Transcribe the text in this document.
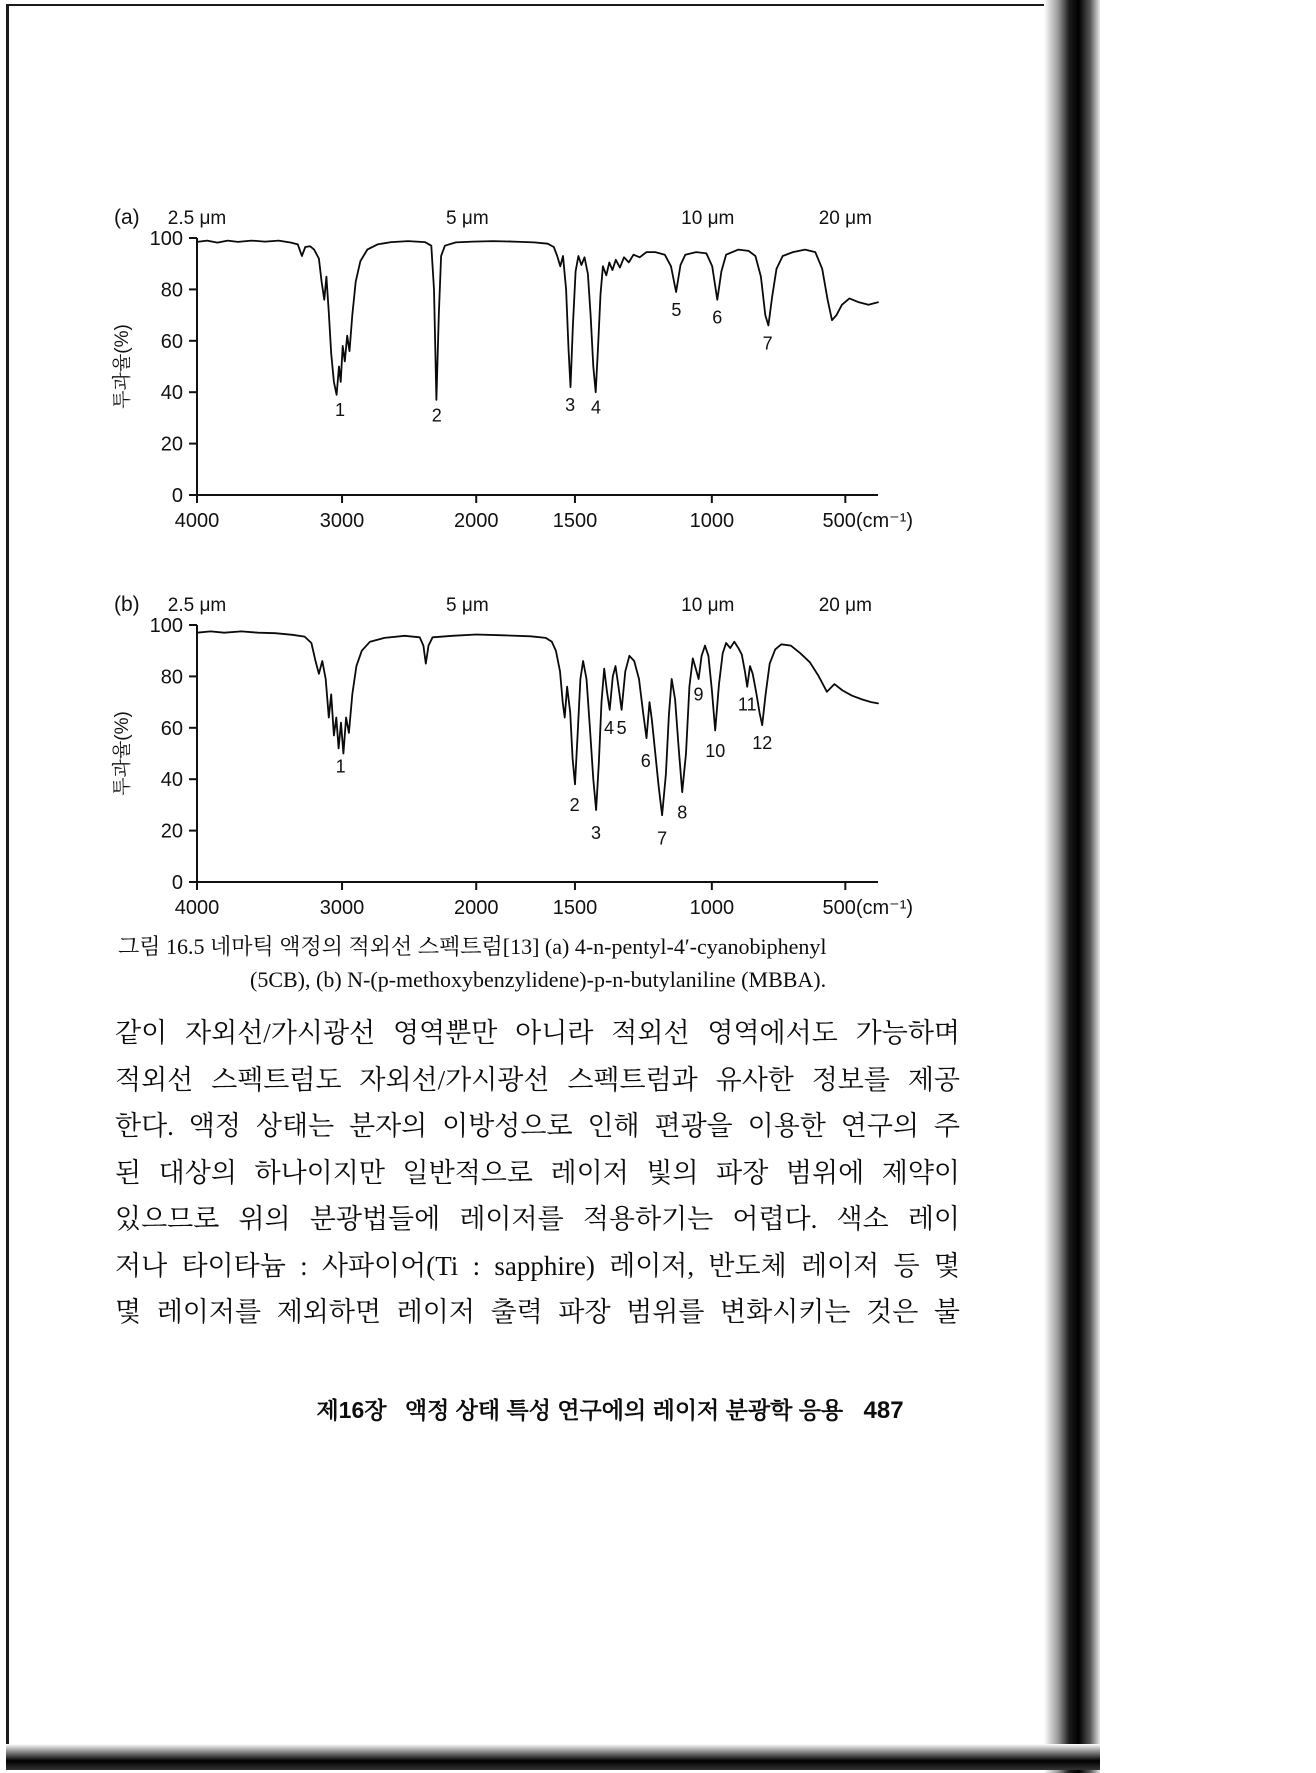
100
80
60
40
20
0
4000	3000	2000	1500	1000	500(cm⁻¹)
2.5 μm	5 μm	10 μm	20 μm
(a)
투과율(%)
1	2
3 4
5 6
7
100
80
60
40
20
0
4000	3000	2000	1500	1000	500(cm⁻¹)
2.5 μm	5 μm	10 μm	20 μm
(b)
투과율(%)	1
2
3
4 5
6
7
8
9
10
11
12
그림 16.5 네마틱 액정의 적외선 스펙트럼[13] (a) 4-n-pentyl-4′-cyanobiphenyl
(5CB), (b) N-(p-methoxybenzylidene)-p-n-butylaniline (MBBA).
같이 자외선/가시광선 영역뿐만 아니라 적외선 영역에서도 가능하며
적외선 스펙트럼도 자외선/가시광선 스펙트럼과 유사한 정보를 제공
한다. 액정 상태는 분자의 이방성으로 인해 편광을 이용한 연구의 주
된 대상의 하나이지만 일반적으로 레이저 빛의 파장 범위에 제약이
있으므로 위의 분광법들에 레이저를 적용하기는 어렵다. 색소 레이
저나 타이타늄 : 사파이어(Ti : sapphire) 레이저, 반도체 레이저 등 몇
몇 레이저를 제외하면 레이저 출력 파장 범위를 변화시키는 것은 불
제16장 액정 상태 특성 연구에의 레이저 분광학 응용 487
